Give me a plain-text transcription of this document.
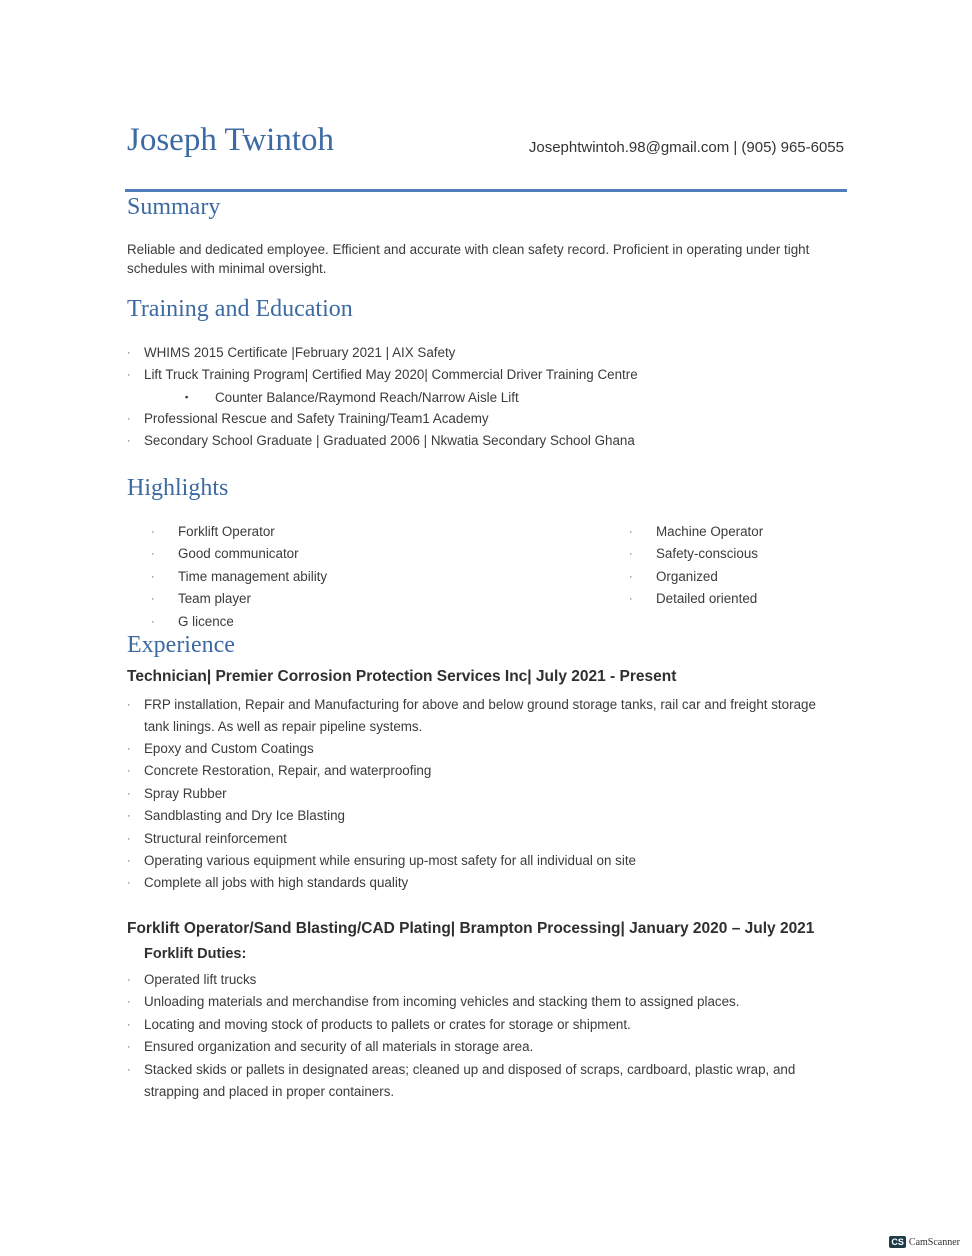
Joseph Twintoh	Josephtwintoh.98@gmail.com | (905) 965-6055
Summary
Reliable and dedicated employee. Efficient and accurate with clean safety record. Proficient in operating under tight schedules with minimal oversight.
Training and Education
· WHIMS 2015 Certificate |February 2021 | AIX Safety
· Lift Truck Training Program| Certified May 2020| Commercial Driver Training Centre
▪ Counter Balance/Raymond Reach/Narrow Aisle Lift
· Professional Rescue and Safety Training/Team1 Academy
· Secondary School Graduate | Graduated 2006 | Nkwatia Secondary School Ghana
Highlights
· Forklift Operator
· Good communicator
· Time management ability
· Team player
· G licence
· Machine Operator
· Safety-conscious
· Organized
· Detailed oriented
Experience
Technician| Premier Corrosion Protection Services Inc| July 2021 - Present
· FRP installation, Repair and Manufacturing for above and below ground storage tanks, rail car and freight storage tank linings. As well as repair pipeline systems.
· Epoxy and Custom Coatings
· Concrete Restoration, Repair, and waterproofing
· Spray Rubber
· Sandblasting and Dry Ice Blasting
· Structural reinforcement
· Operating various equipment while ensuring up-most safety for all individual on site
· Complete all jobs with high standards quality
Forklift Operator/Sand Blasting/CAD Plating| Brampton Processing| January 2020 – July 2021
Forklift Duties:
· Operated lift trucks
· Unloading materials and merchandise from incoming vehicles and stacking them to assigned places.
· Locating and moving stock of products to pallets or crates for storage or shipment.
· Ensured organization and security of all materials in storage area.
· Stacked skids or pallets in designated areas; cleaned up and disposed of scraps, cardboard, plastic wrap, and strapping and placed in proper containers.
CS CamScanner
